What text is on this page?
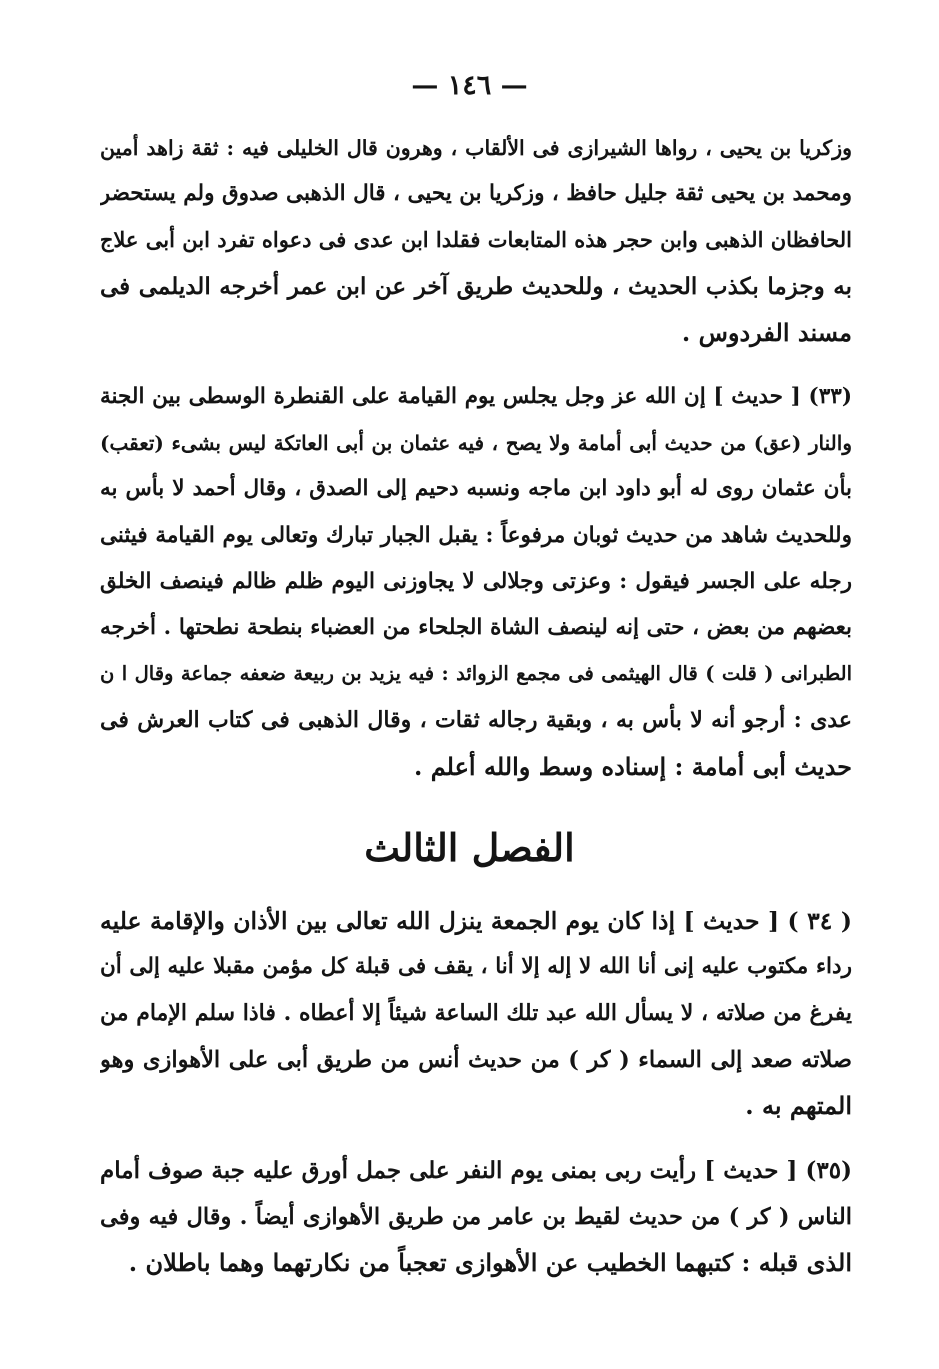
— ١٤٦ —
وزكريا بن يحيى ، رواها الشيرازى فى الألقاب ، وهرون قال الخليلى فيه : ثقة زاهد أمين
ومحمد بن يحيى ثقة جليل حافظ ، وزكريا بن يحيى ، قال الذهبى صدوق ولم يستحضر
الحافظان الذهبى وابن حجر هذه المتابعات فقلدا ابن عدى فى دعواه تفرد ابن أبى علاج
به وجزما بكذب الحديث ، وللحديث طريق آخر عن ابن عمر أخرجه الديلمى فى
مسند الفردوس .
(٣٣) [ حديث ] إن الله عز وجل يجلس يوم القيامة على القنطرة الوسطى بين الجنة
والنار (عق) من حديث أبى أمامة ولا يصح ، فيه عثمان بن أبى العاتكة ليس بشىء (تعقب)
بأن عثمان روى له أبو داود ابن ماجه ونسبه دحيم إلى الصدق ، وقال أحمد لا بأس به
وللحديث شاهد من حديث ثوبان مرفوعاً : يقبل الجبار تبارك وتعالى يوم القيامة فيثنى
رجله على الجسر فيقول : وعزتى وجلالى لا يجاوزنى اليوم ظلم ظالم فينصف الخلق
بعضهم من بعض ، حتى إنه لينصف الشاة الجلحاء من العضباء بنطحة نطحتها . أخرجه
الطبرانى ( قلت ) قال الهيثمى فى مجمع الزوائد : فيه يزيد بن ربيعة ضعفه جماعة وقال ا ن
عدى : أرجو أنه لا بأس به ، وبقية رجاله ثقات ، وقال الذهبى فى كتاب العرش فى
حديث أبى أمامة : إسناده وسط والله أعلم .
الفصل الثالث
( ٣٤ ) [ حديث ] إذا كان يوم الجمعة ينزل الله تعالى بين الأذان والإقامة عليه
رداء مكتوب عليه إنى أنا الله لا إله إلا أنا ، يقف فى قبلة كل مؤمن مقبلا عليه إلى أن
يفرغ من صلاته ، لا يسأل الله عبد تلك الساعة شيئاً إلا أعطاه . فاذا سلم الإمام من
صلاته صعد إلى السماء ( كر ) من حديث أنس من طريق أبى على الأهوازى وهو
المتهم به .
(٣٥) [ حديث ] رأيت ربى بمنى يوم النفر على جمل أورق عليه جبة صوف أمام
الناس ( كر ) من حديث لقيط بن عامر من طريق الأهوازى أيضاً . وقال فيه وفى
الذى قبله : كتبهما الخطيب عن الأهوازى تعجباً من نكارتهما وهما باطلان .
